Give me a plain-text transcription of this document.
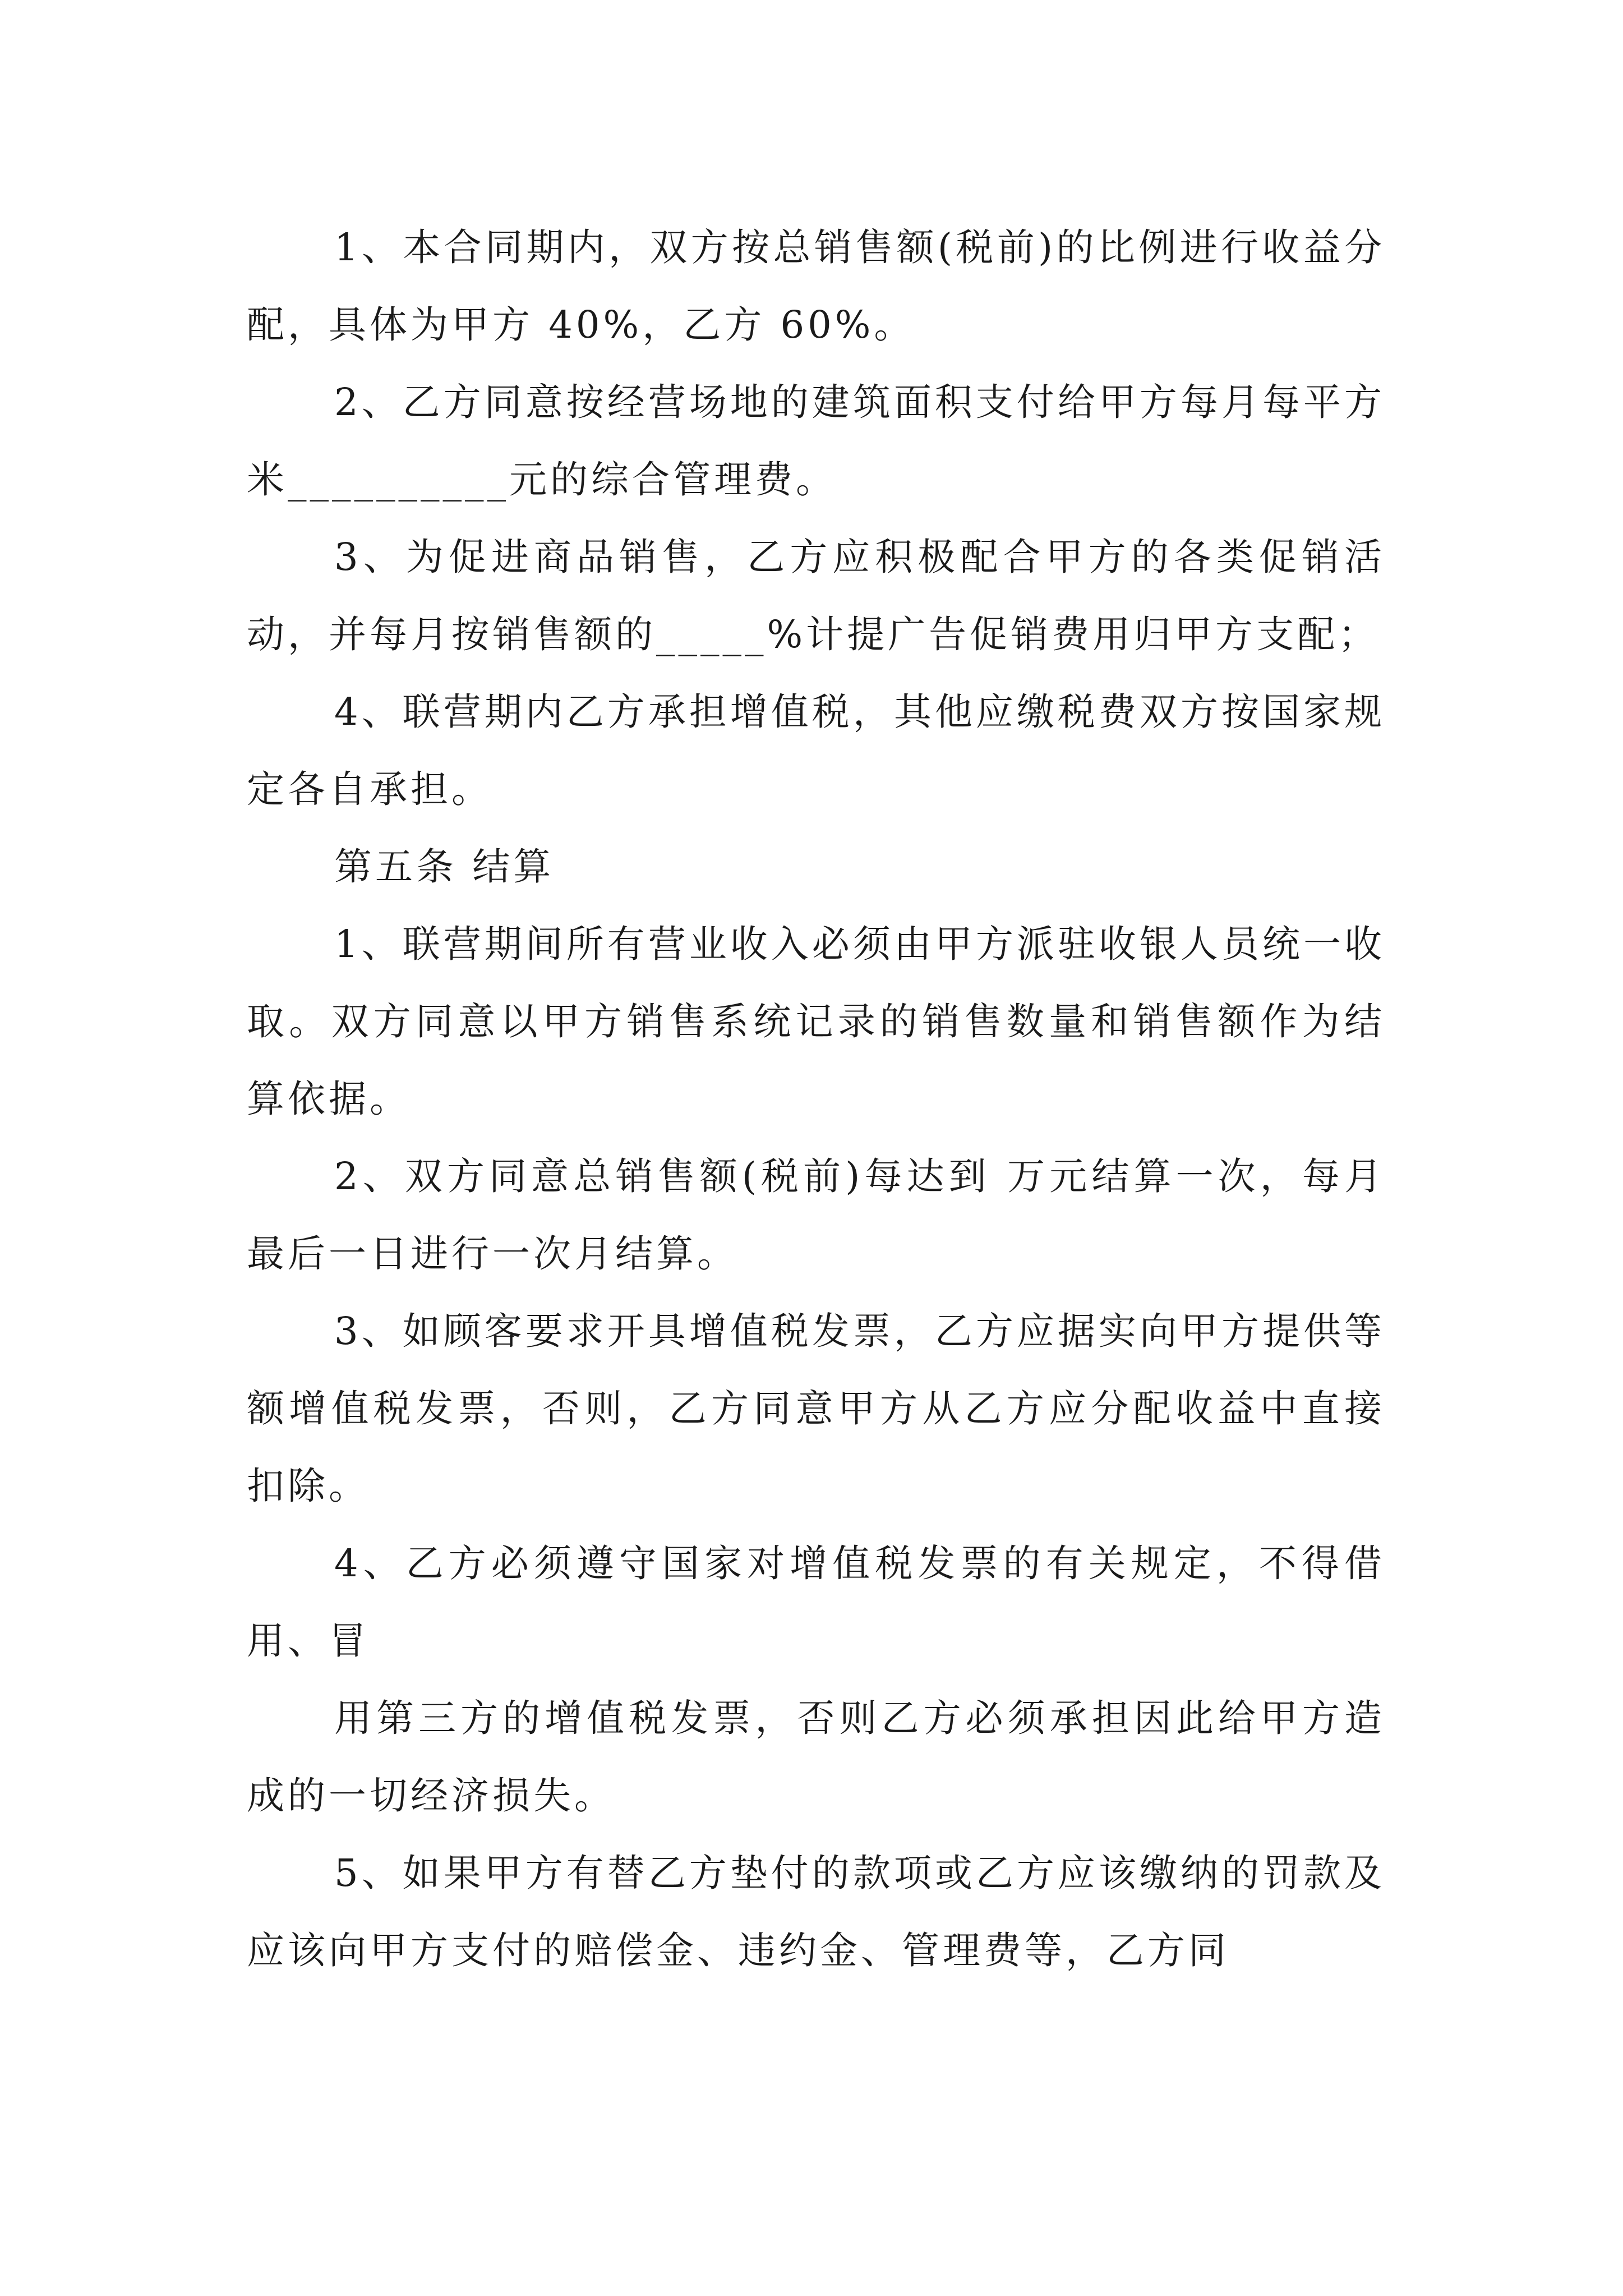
1、本合同期内，双方按总销售额(税前)的比例进行收益分配，具体为甲方 40%，乙方 60%。

2、乙方同意按经营场地的建筑面积支付给甲方每月每平方米__________元的综合管理费。

3、为促进商品销售，乙方应积极配合甲方的各类促销活动，并每月按销售额的_____%计提广告促销费用归甲方支配；

4、联营期内乙方承担增值税，其他应缴税费双方按国家规定各自承担。

第五条 结算

1、联营期间所有营业收入必须由甲方派驻收银人员统一收取。双方同意以甲方销售系统记录的销售数量和销售额作为结算依据。

2、双方同意总销售额(税前)每达到 万元结算一次，每月最后一日进行一次月结算。

3、如顾客要求开具增值税发票，乙方应据实向甲方提供等额增值税发票，否则，乙方同意甲方从乙方应分配收益中直接扣除。

4、乙方必须遵守国家对增值税发票的有关规定，不得借用、冒

用第三方的增值税发票，否则乙方必须承担因此给甲方造成的一切经济损失。

5、如果甲方有替乙方垫付的款项或乙方应该缴纳的罚款及应该向甲方支付的赔偿金、违约金、管理费等，乙方同
